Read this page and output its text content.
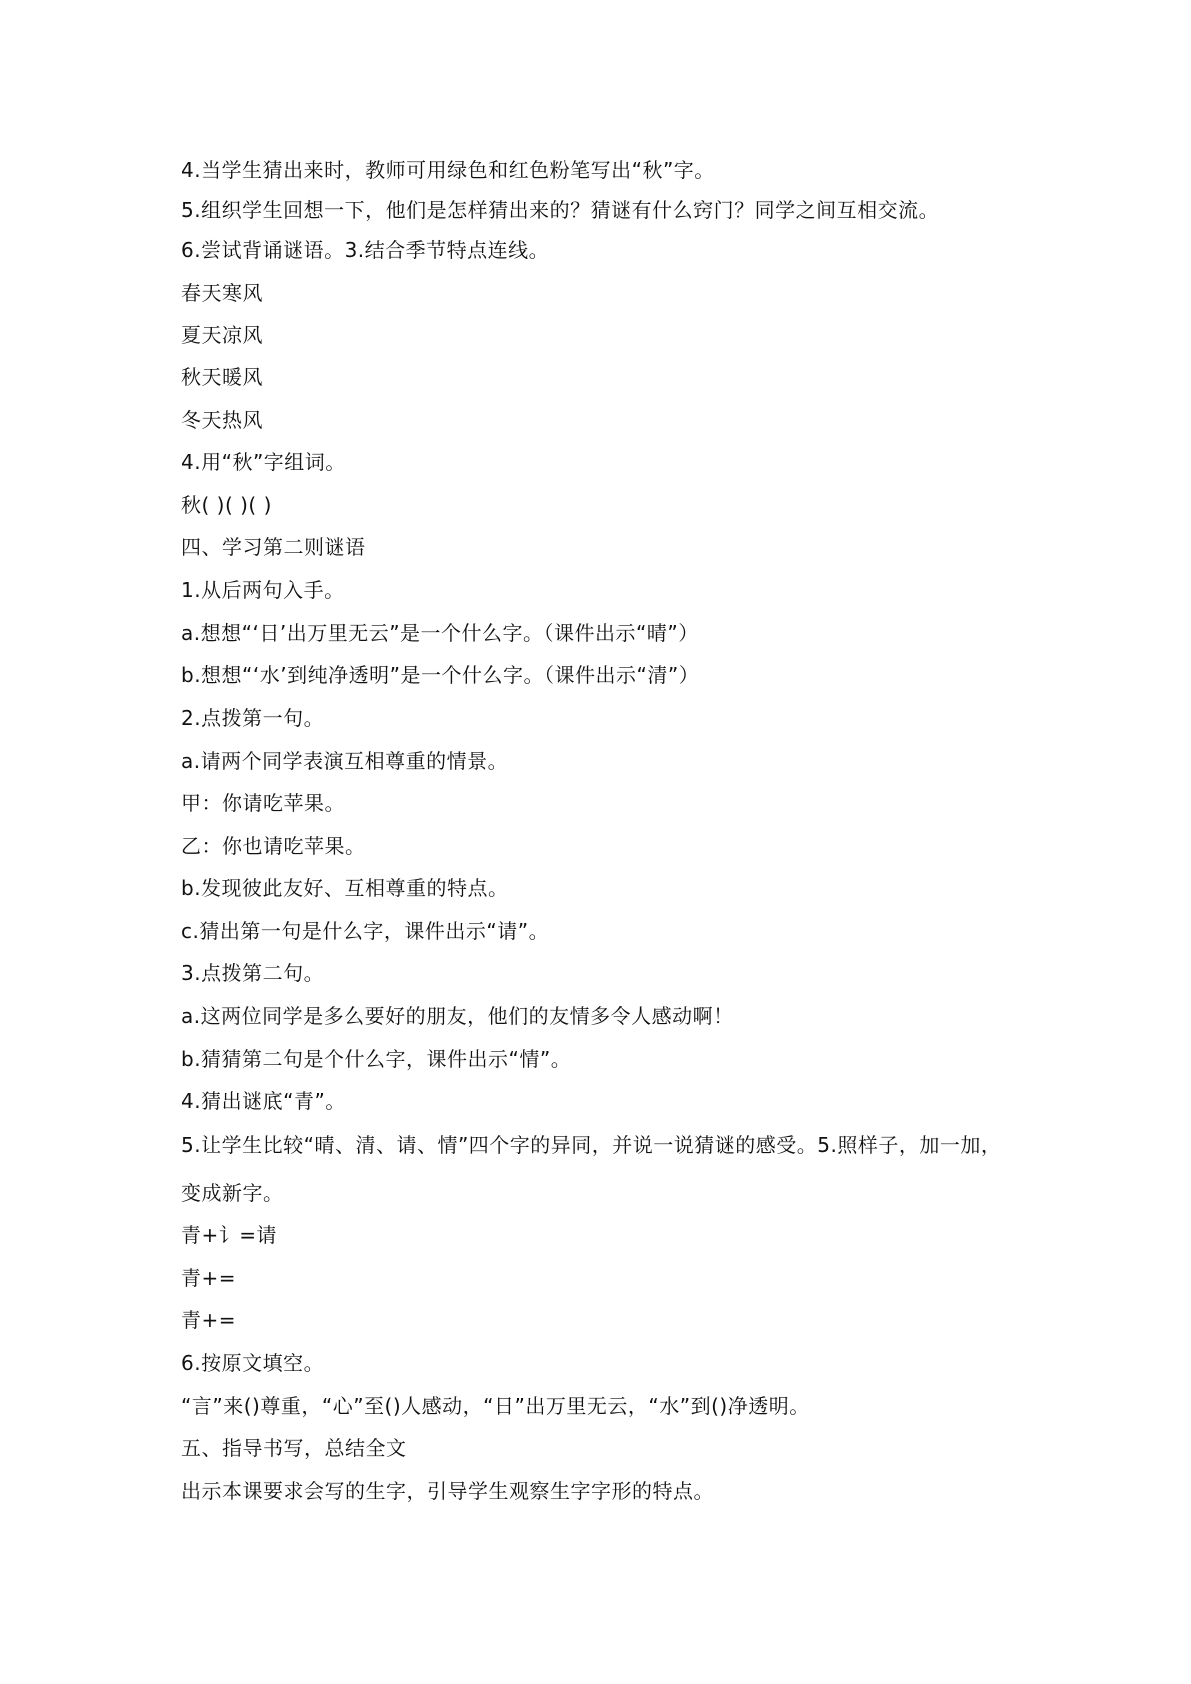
4.当学生猜出来时，教师可用绿色和红色粉笔写出“秋”字。
5.组织学生回想一下，他们是怎样猜出来的？猜谜有什么窍门？同学之间互相交流。
6.尝试背诵谜语。3.结合季节特点连线。
春天寒风
夏天凉风
秋天暖风
冬天热风
4.用“秋”字组词。
秋( )( )( )
四、学习第二则谜语
1.从后两句入手。
a.想想“‘日’出万里无云”是一个什么字。（课件出示“晴”）
b.想想“‘水’到纯净透明”是一个什么字。（课件出示“清”）
2.点拨第一句。
a.请两个同学表演互相尊重的情景。
甲：你请吃苹果。
乙：你也请吃苹果。
b.发现彼此友好、互相尊重的特点。
c.猜出第一句是什么字，课件出示“请”。
3.点拨第二句。
a.这两位同学是多么要好的朋友，他们的友情多令人感动啊！
b.猜猜第二句是个什么字，课件出示“情”。
4.猜出谜底“青”。
5.让学生比较“晴、清、请、情”四个字的异同，并说一说猜谜的感受。5.照样子，加一加，
变成新字。
青+讠=请
青+=
青+=
6.按原文填空。
“言”来()尊重，“心”至()人感动，“日”出万里无云，“水”到()净透明。
五、指导书写，总结全文
出示本课要求会写的生字，引导学生观察生字字形的特点。
